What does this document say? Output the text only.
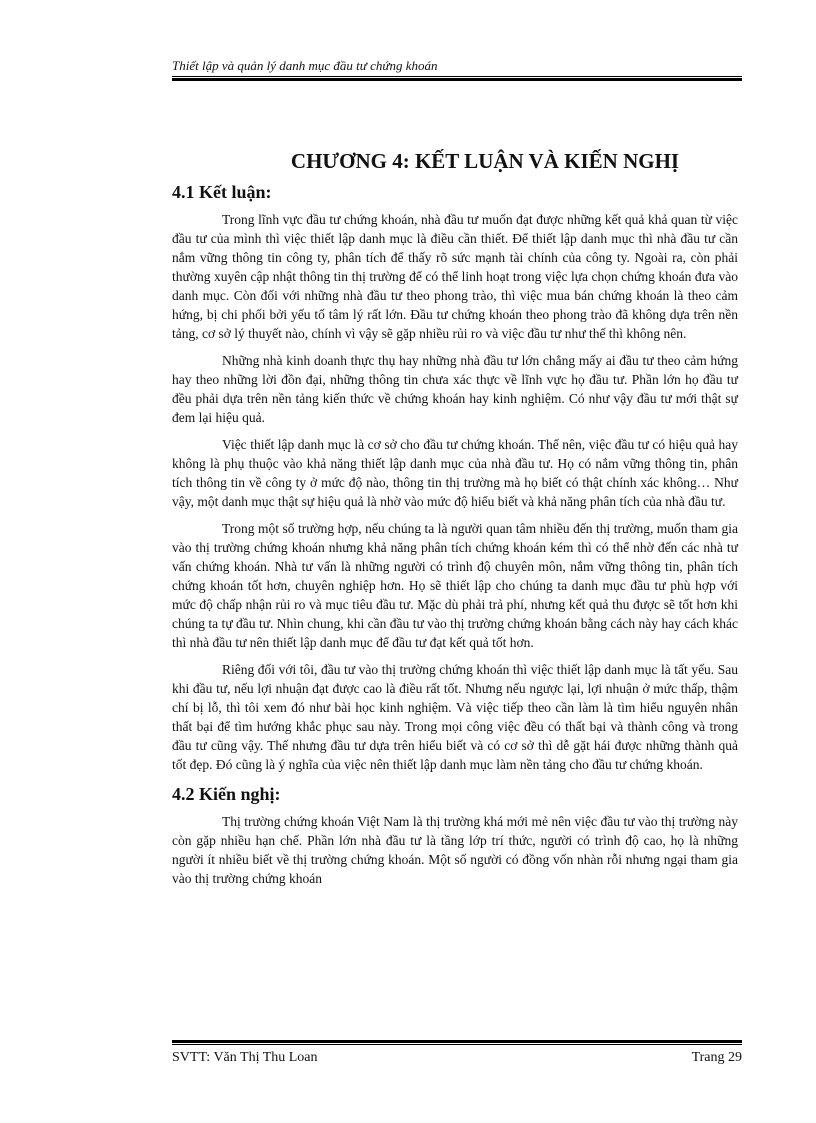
Thiết lập và quản lý danh mục đầu tư chứng khoán
CHƯƠNG 4: KẾT LUẬN VÀ KIẾN NGHỊ
4.1 Kết luận:

Trong lĩnh vực đầu tư chứng khoán, nhà đầu tư muốn đạt được những kết quả khả quan từ việc đầu tư của mình thì việc thiết lập danh mục là điều cần thiết. Để thiết lập danh mục thì nhà đầu tư cần nắm vững thông tin công ty, phân tích để thấy rõ sức mạnh tài chính của công ty. Ngoài ra, còn phải thường xuyên cập nhật thông tin thị trường để có thể linh hoạt trong việc lựa chọn chứng khoán đưa vào danh mục. Còn đối với những nhà đầu tư theo phong trào, thì việc mua bán chứng khoán là theo cảm hứng, bị chi phối bởi yếu tố tâm lý rất lớn. Đầu tư chứng khoán theo phong trào đã không dựa trên nền tảng, cơ sở lý thuyết nào, chính vì vậy sẽ gặp nhiều rủi ro và việc đầu tư như thế thì không nên.

Những nhà kinh doanh thực thụ hay những nhà đầu tư lớn chẳng mấy ai đầu tư theo cảm hứng hay theo những lời đồn đại, những thông tin chưa xác thực về lĩnh vực họ đầu tư. Phần lớn họ đầu tư đều phải dựa trên nền tảng kiến thức về chứng khoán hay kinh nghiệm. Có như vậy đầu tư mới thật sự đem lại hiệu quả.

Việc thiết lập danh mục là cơ sở cho đầu tư chứng khoán. Thế nên, việc đầu tư có hiệu quả hay không là phụ thuộc vào khả năng thiết lập danh mục của nhà đầu tư. Họ có nắm vững thông tin, phân tích thông tin về công ty ở mức độ nào, thông tin thị trường mà họ biết có thật chính xác không… Như vậy, một danh mục thật sự hiệu quả là nhờ vào mức độ hiểu biết và khả năng phân tích của nhà đầu tư.

Trong một số trường hợp, nếu chúng ta là người quan tâm nhiều đến thị trường, muốn tham gia vào thị trường chứng khoán nhưng khả năng phân tích chứng khoán kém thì có thể nhờ đến các nhà tư vấn chứng khoán. Nhà tư vấn là những người có trình độ chuyên môn, nắm vững thông tin, phân tích chứng khoán tốt hơn, chuyên nghiệp hơn. Họ sẽ thiết lập cho chúng ta danh mục đầu tư phù hợp với mức độ chấp nhận rủi ro và mục tiêu đầu tư. Mặc dù phải trả phí, nhưng kết quả thu được sẽ tốt hơn khi chúng ta tự đầu tư. Nhìn chung, khi cần đầu tư vào thị trường chứng khoán bằng cách này hay cách khác thì nhà đầu tư nên thiết lập danh mục để đầu tư đạt kết quả tốt hơn.

Riêng đối với tôi, đầu tư vào thị trường chứng khoán thì việc thiết lập danh mục là tất yếu. Sau khi đầu tư, nếu lợi nhuận đạt được cao là điều rất tốt. Nhưng nếu ngược lại, lợi nhuận ở mức thấp, thậm chí bị lỗ, thì tôi xem đó như bài học kinh nghiệm. Và việc tiếp theo cần làm là tìm hiểu nguyên nhân thất bại để tìm hướng khắc phục sau này. Trong mọi công việc đều có thất bại và thành công và trong đầu tư cũng vậy. Thế nhưng đầu tư dựa trên hiểu biết và có cơ sở thì dễ gặt hái được những thành quả tốt đẹp. Đó cũng là ý nghĩa của việc nên thiết lập danh mục làm nền tảng cho đầu tư chứng khoán.

4.2 Kiến nghị:

Thị trường chứng khoán Việt Nam là thị trường khá mới mẻ nên việc đầu tư vào thị trường này còn gặp nhiều hạn chế. Phần lớn nhà đầu tư là tầng lớp trí thức, người có trình độ cao, họ là những người ít nhiều biết về thị trường chứng khoán. Một số người có đồng vốn nhàn rỗi nhưng ngại tham gia vào thị trường chứng khoán

SVTT: Văn Thị Thu Loan	Trang 29
